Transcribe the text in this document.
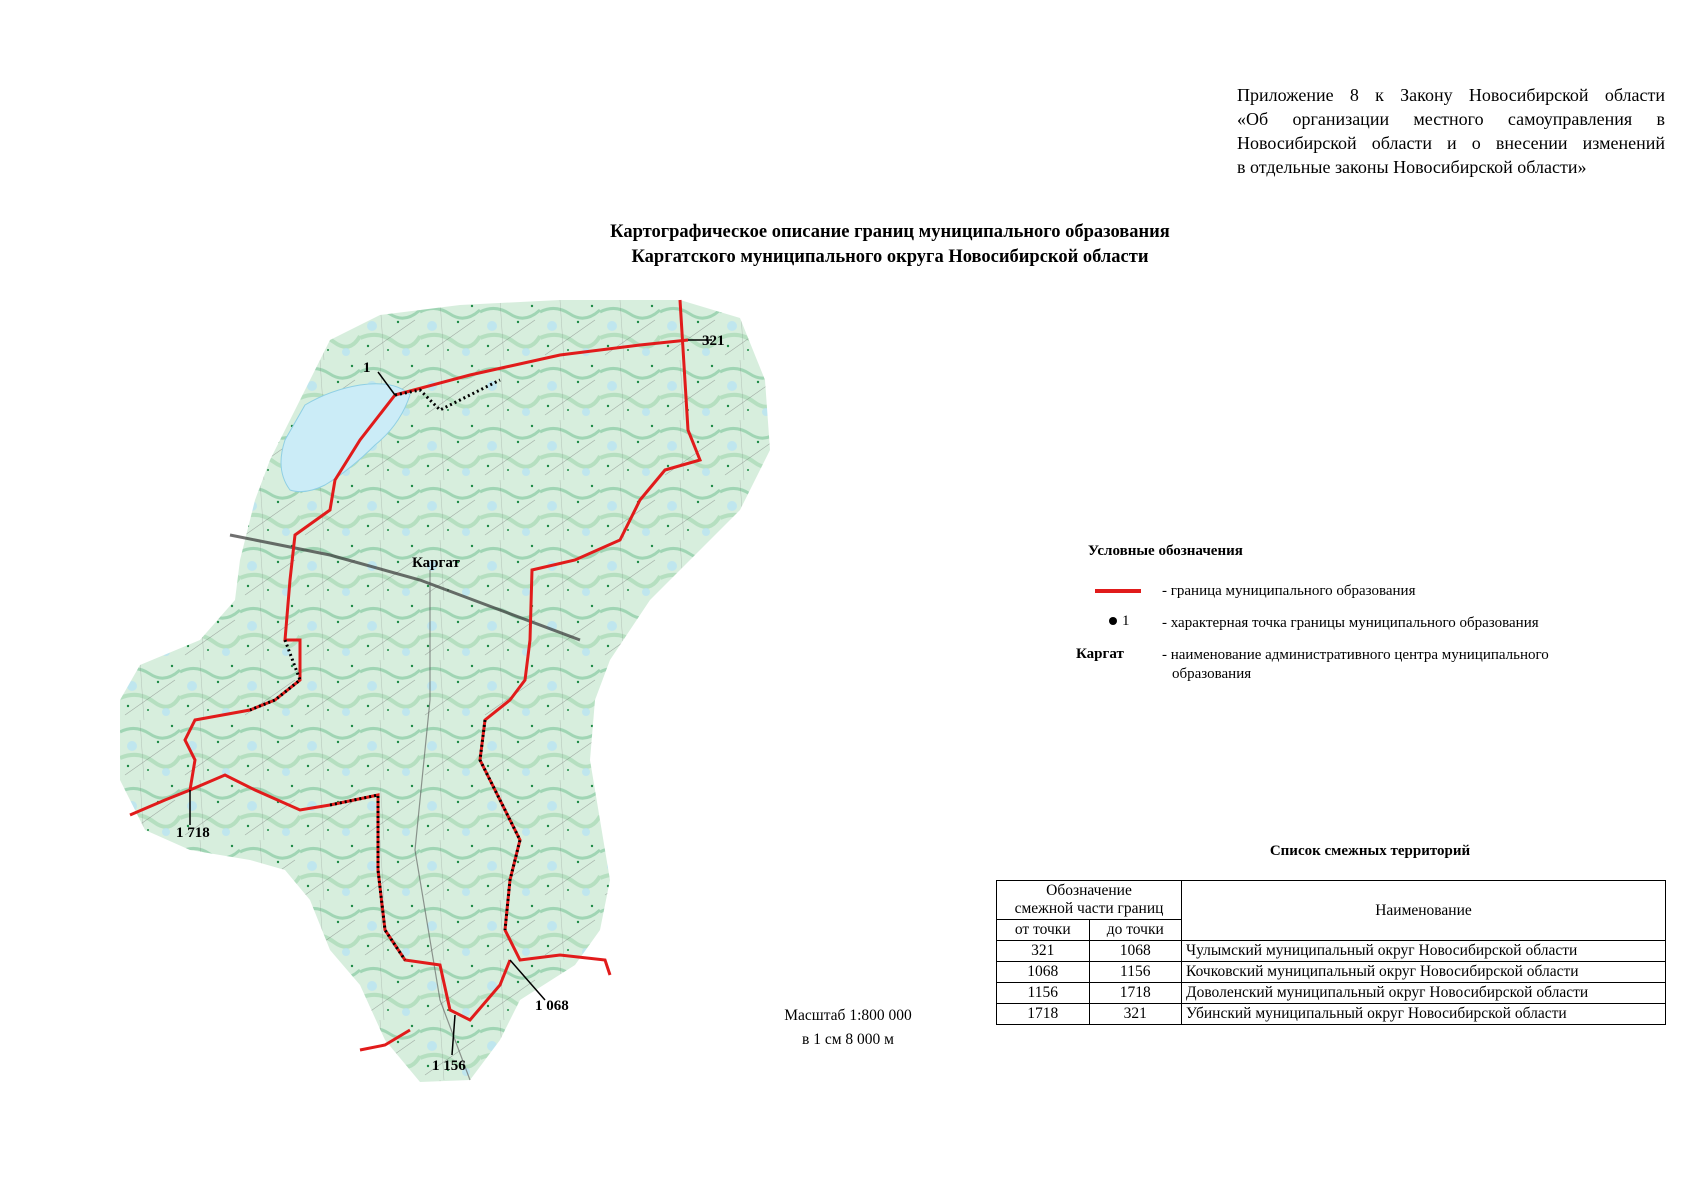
Приложение 8 к Закону Новосибирской области
«Об организации местного самоуправления в
Новосибирской области и о внесении изменений
в отдельные законы Новосибирской области»
Картографическое описание границ муниципального образования
Каргатского муниципального округа Новосибирской области
1
321
1 068
1 156
1 718
Каргат
Условные обозначения
- граница муниципального образования
1 - характерная точка границы муниципального образования
Каргат	- наименование административного центра муниципального
образования
Масштаб 1:800 000
в 1 см 8 000 м
Список смежных территорий
Обозначение
смежной части границ		Наименование
от точки	до точки	
321	1068	Чулымский муниципальный округ Новосибирской области
1068	1156	Кочковский муниципальный округ Новосибирской области
1156	1718	Доволенский муниципальный округ Новосибирской области
1718	321	Убинский муниципальный округ Новосибирской области
